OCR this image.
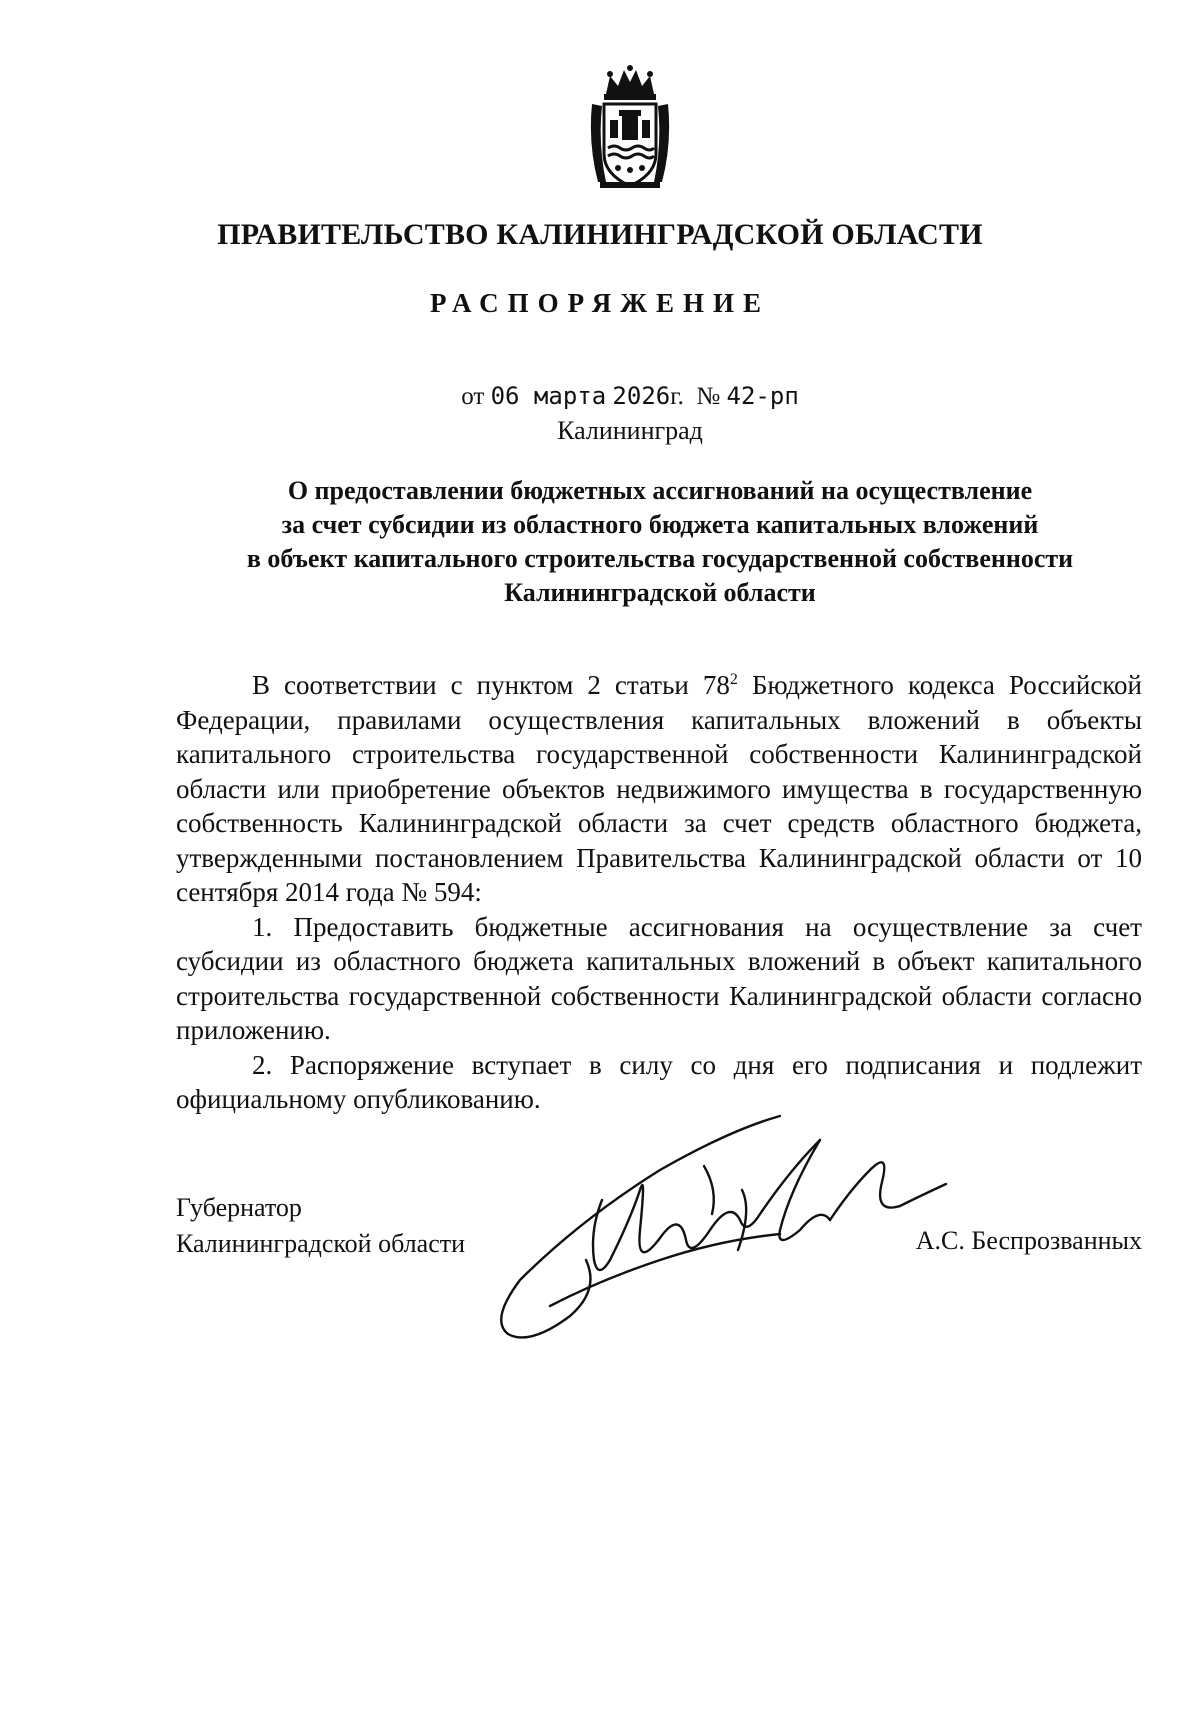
ПРАВИТЕЛЬСТВО КАЛИНИНГРАДСКОЙ ОБЛАСТИ
РАСПОРЯЖЕНИЕ
от 06 марта 2026г. № 42-рп
Калининград
О предоставлении бюджетных ассигнований на осуществление
за счет субсидии из областного бюджета капитальных вложений
в объект капитального строительства государственной собственности
Калининградской области

В соответствии с пунктом 2 статьи $78^2$ Бюджетного кодекса Российской Федерации, правилами осуществления капитальных вложений в объекты капитального строительства государственной собственности Калининградской области или приобретение объектов недвижимого имущества в государственную собственность Калининградской области за счет средств областного бюджета, утвержденными постановлением Правительства Калининградской области от 10 сентября 2014 года № 594:

1. Предоставить бюджетные ассигнования на осуществление за счет субсидии из областного бюджета капитальных вложений в объект капитального строительства государственной собственности Калининградской области согласно приложению.

2. Распоряжение вступает в силу со дня его подписания и подлежит официальному опубликованию.

Губернатор
Калининградской области	А.С. Беспрозванных
